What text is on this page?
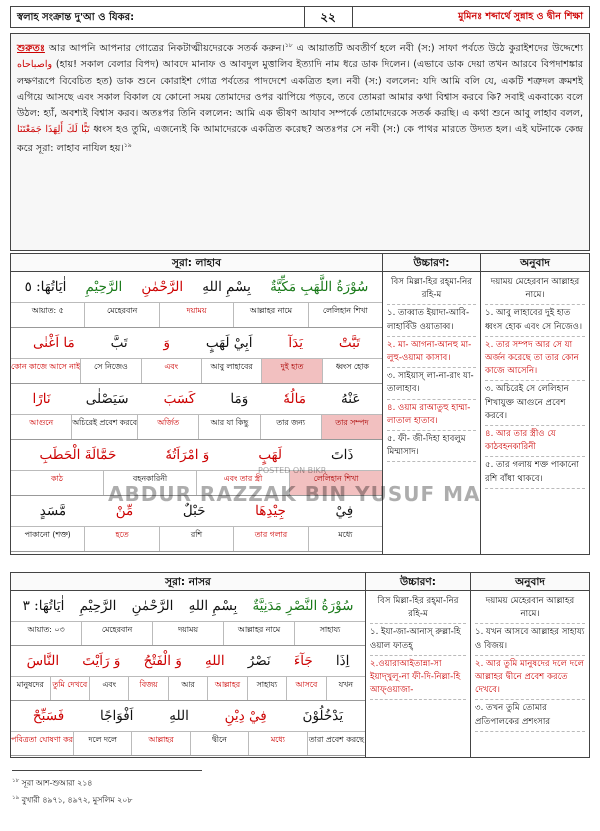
স্বলাহ সংক্রান্ত দু'আ ও যিকর:	২২	মুমিনঃ শব্দার্থে সুন্নাহ ও দ্বীন শিক্ষা
শুরুতঃ আর আপনি আপনার গোত্রের নিকটাত্মীয়দেরকে সতর্ক করুন।$^{১৮}$ এ আয়াতটি অবতীর্ণ হলে নবী (স:) সাফা পর্বতে উঠে কুরাইশদের উদ্দেশ্যে واصباحاه (হায়! সকাল বেলার বিপদ) আবদে মানাফ ও আবদুল মুত্তালিব ইত্যাদি নাম ধরে ডাক দিলেন। (এভাবে ডাক দেয়া তখন আরবে বিপদাশঙ্কার লক্ষণরূপে বিবেচিত হত) ডাক শুনে কোরাইশ গোত্র পর্বতের পাদদেশে একত্রিত হল। নবী (স:) বললেন: যদি আমি বলি যে, একটি শত্রুদল ক্রমশই এগিয়ে আসছে এবং সকাল বিকাল যে কোনো সময় তোমাদের ওপর ঝাপিয়ে পড়বে, তবে তোমরা আমার কথা বিশ্বাস করবে কি? সবাই একবাক্যে বলে উঠল: হ্যাঁ, অবশ্যই বিশ্বাস করব। অতঃপর তিনি বললেন: আমি এক ভীষণ আযাব সম্পর্কে তোমাদেরকে সতর্ক করছি। এ কথা শুনে আবু লাহাব বলল, تَبًّا لَكَ أَلِهَذَا جَمَعْتَنَا ধ্বংস হও তুমি, এজন্যেই কি আমাদেরকে একত্রিত করেছ? অতঃপর সে নবী (স:) কে পাথর মারতে উদ্যত হল। এই ঘটনাকে কেন্দ্র করে সূরা: লাহাব নাযিল হয়।$^{১৯}$
সূরা: লাহাব
سُوْرَةُ اللَّهَبِ مَكِّيَّةٌ
بِسْمِ اللهِ
الرَّحْمٰنِ
الرَّحِيْمِ
اٰيَاتُهَا: ٥
লেলিহান শিখা
আল্লাহর নামে
দয়াময়
মেহেরবান
আয়াত: ৫
تَبَّتْ
يَدَآ
اَبِيْ لَهَبٍ
وَ
تَبَّ
مَا اَغْنٰى
ধ্বংস হোক
দুই হাত
আবু লাহাবের
এবং
সে নিজেও
কোন কাজে আসে নাই
عَنْهُ
مَالُهٗ
وَمَا
كَسَبَ
سَيَصْلٰى
نَارًا
তার সম্পদ
তার জন্য
আর যা কিছু
অর্জিত
অচিরেই প্রবেশ করবে
আগুনে
ذَاتَ
لَهَبٍ
وَ امْرَاَتُهٗ
حَمَّالَةَ الْحَطَبِ
লেলিহান শিখা
এবং তার স্ত্রী
বহনকারিনী
কাঠ
فِيْ
جِيْدِهَا
حَبْلٌ
مِّنْ
مَّسَدٍ
মধ্যে
তার গলার
রশি
হতে
পাকানো (শক্ত)
উচ্চারণ:

বিস মিল্লা-হির রহ্‌মা-নির রহি-ম

১. তাব্বাত ইয়াদা-আবি-লাহাবিঁউ ওয়াতাব্ব।

২. মা- আগনা-আনহু মা-লুহু-ওয়ামা কাসাব।

৩. সাইয়াস্‌ লা-না-রাং যা-তালাহাব।

৪. ওয়াম রাআতুহু হাম্মা- লাতাল হাতাব।

৫. ফী- জী-দিহা হাবলুম মিম্মাসাদ।

অনুবাদ

দয়াময় মেহেরবান আল্লাহর নামে।

১. আবু লাহাবের দুই হাত ধ্বংস হোক এবং সে নিজেও।

২. তার সম্পদ আর সে যা অর্জন করেছে তা তার কোন কাজে আসেনি।

৩. অচিরেই সে লেলিহান শিখাযুক্ত আগুনে প্রবেশ করবে।

৪. আর তার স্ত্রীও যে কাঠবহনকারিনী

৫. তার গলায় শক্ত পাকানো রশি বাঁধা থাকবে।

POSTED ON BIKR
ABDUR RAZZAK BIN YUSUF MA
সূরা: নাসর
سُوْرَةُ النَّصْرِ مَدَنِيَّةٌ
بِسْمِ اللهِ
الرَّحْمٰنِ
الرَّحِيْمِ
اٰيَاتُهَا: ٣
সাহায্য
আল্লাহর নামে
দয়াময়
মেহেরবান
আয়াত: ০৩
اِذَا
جَآءَ
نَصْرُ
اللهِ
وَ الْفَتْحُ
وَ رَاَيْتَ
النَّاسَ
যখন
আসবে
সাহায্য
আল্লাহর
আর
বিজয়
এবং
তুমি দেখবে
মানুষদের
يَدْخُلُوْنَ
فِيْ دِيْنِ
اللهِ
اَفْوَاجًا
فَسَبِّحْ
তারা প্রবেশ করছে
মধ্যে
দ্বীনে
আল্লাহর
দলে দলে
পবিত্রতা ঘোষণা কর
উচ্চারণ:

বিস মিল্লা-হির রহ্‌মা-নির রহি-ম

১. ইযা-জা-আনাস্‌ রুল্লা-হি ওয়াল ফাতহ্‌

২.ওয়ারাআইতান্না-সা ইয়াদ্‌খুলূ-না ফী-দি-নিল্লা-হি আফ্‌ওয়াজা-

অনুবাদ

দয়াময় মেহেরবান আল্লাহর নামে।

১. যখন আসবে আল্লাহর সাহায্য ও বিজয়।

২. আর তুমি মানুষদের দলে দলে আল্লাহর দ্বীনে প্রবেশ করতে দেখবে।

৩. তখন তুমি তোমার প্রতিপালকের প্রশংসার

$^{১৮}$ সূরা আশ-শুআরা ২১৪
$^{১৯}$ বুখারী ৪৯৭১, ৪৯৭২, মুসলিম ২০৮
